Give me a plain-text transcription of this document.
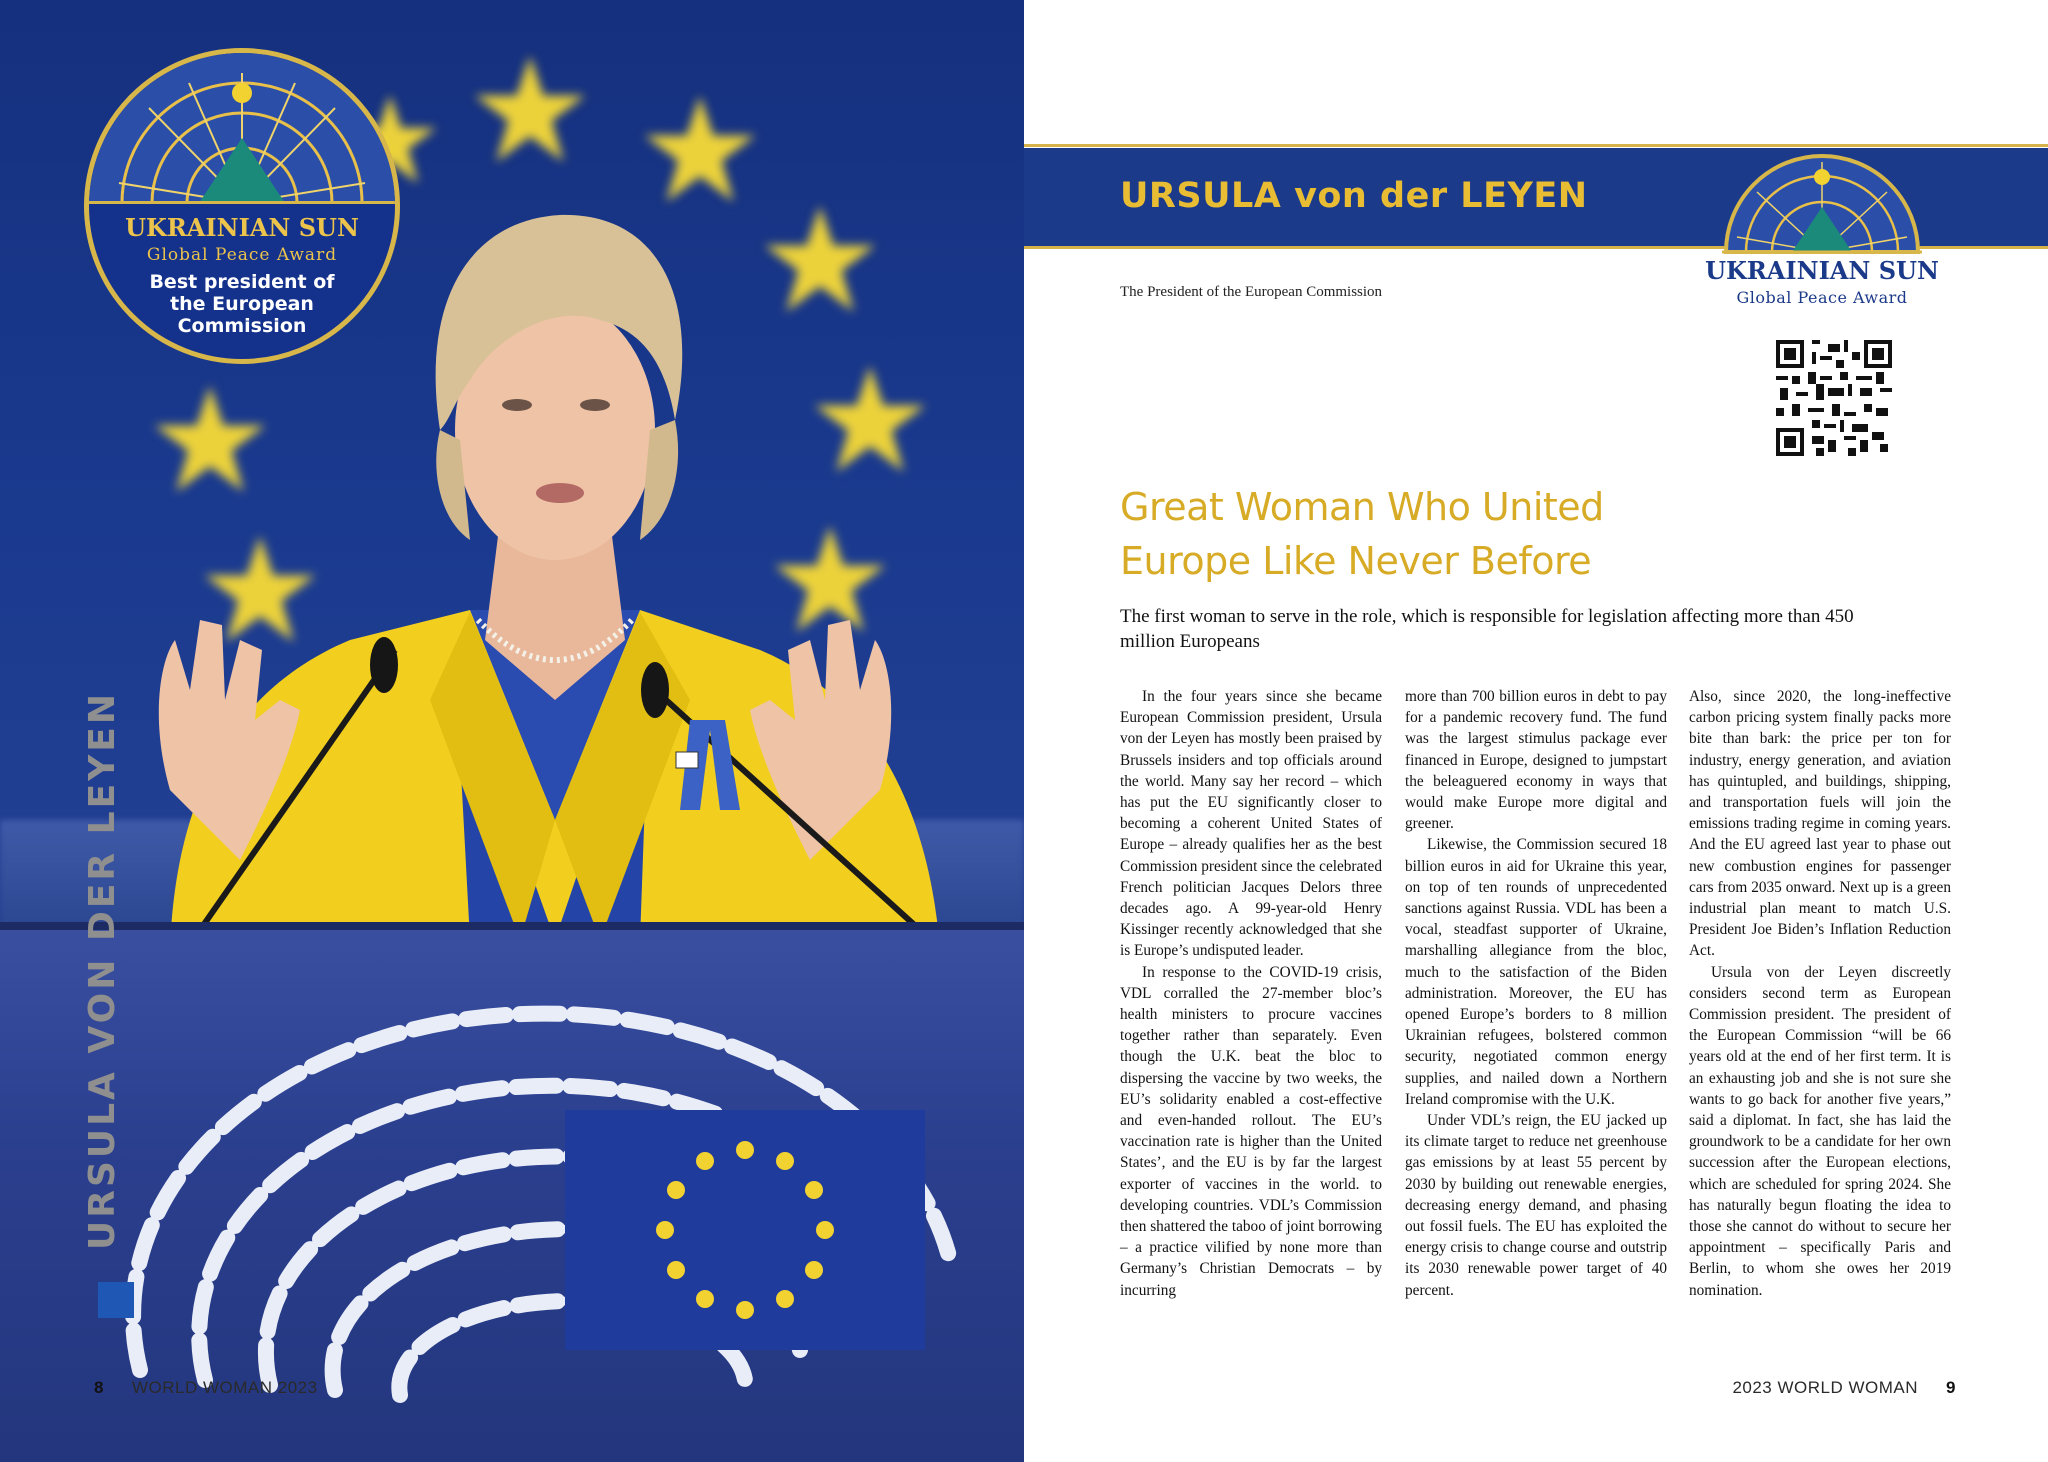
UKRAINIAN SUN
Global Peace Award
Best president of
the European
Commission
URSULA VON DER LEYEN
8 WORLD WOMAN 2023
URSULA von der LEYEN
The President of the European Commission
UKRAINIAN SUN
Global Peace Award
Great Woman Who United
Europe Like Never Before
The first woman to serve in the role, which is responsible for legislation affecting more than 450 million Europeans

In the four years since she became European Commission president, Ursula von der Leyen has mostly been praised by Brussels insiders and top officials around the world. Many say her record – which has put the EU significantly closer to becoming a coherent United States of Europe – already qualifies her as the best Commission president since the celebrated French politician Jacques Delors three decades ago. A 99-year-old Henry Kissinger recently acknowledged that she is Europe’s undisputed leader.

In response to the COVID-19 crisis, VDL corralled the 27-member bloc’s health ministers to procure vaccines together rather than separately. Even though the U.K. beat the bloc to dispersing the vaccine by two weeks, the EU’s solidarity enabled a cost-effective and even-handed rollout. The EU’s vaccination rate is higher than the United States’, and the EU is by far the largest exporter of vaccines in the world. to developing countries. VDL’s Commission then shattered the taboo of joint borrowing – a practice vilified by none more than Germany’s Christian Democrats – by incurring

more than 700 billion euros in debt to pay for a pandemic recovery fund. The fund was the largest stimulus package ever financed in Europe, designed to jumpstart the beleaguered economy in ways that would make Europe more digital and greener.

Likewise, the Commission secured 18 billion euros in aid for Ukraine this year, on top of ten rounds of unprecedented sanctions against Russia. VDL has been a vocal, steadfast supporter of Ukraine, marshalling allegiance from the bloc, much to the satisfaction of the Biden administration. Moreover, the EU has opened Europe’s borders to 8 million Ukrainian refugees, bolstered common security, negotiated common energy supplies, and nailed down a Northern Ireland compromise with the U.K.

Under VDL’s reign, the EU jacked up its climate target to reduce net greenhouse gas emissions by at least 55 percent by 2030 by building out renewable energies, decreasing energy demand, and phasing out fossil fuels. The EU has exploited the energy crisis to change course and outstrip its 2030 renewable power target of 40 percent.

Also, since 2020, the long-ineffective carbon pricing system finally packs more bite than bark: the price per ton for industry, energy generation, and aviation has quintupled, and buildings, shipping, and transportation fuels will join the emissions trading regime in coming years. And the EU agreed last year to phase out new combustion engines for passenger cars from 2035 onward. Next up is a green industrial plan meant to match U.S. President Joe Biden’s Inflation Reduction Act.

Ursula von der Leyen discreetly considers second term as European Commission president. The president of the European Commission “will be 66 years old at the end of her first term. It is an exhausting job and she is not sure she wants to go back for another five years,” said a diplomat. In fact, she has laid the groundwork to be a candidate for her own succession after the European elections, which are scheduled for spring 2024. She has naturally begun floating the idea to those she cannot do without to secure her appointment – specifically Paris and Berlin, to whom she owes her 2019 nomination.

2023 WORLD WOMAN 9
